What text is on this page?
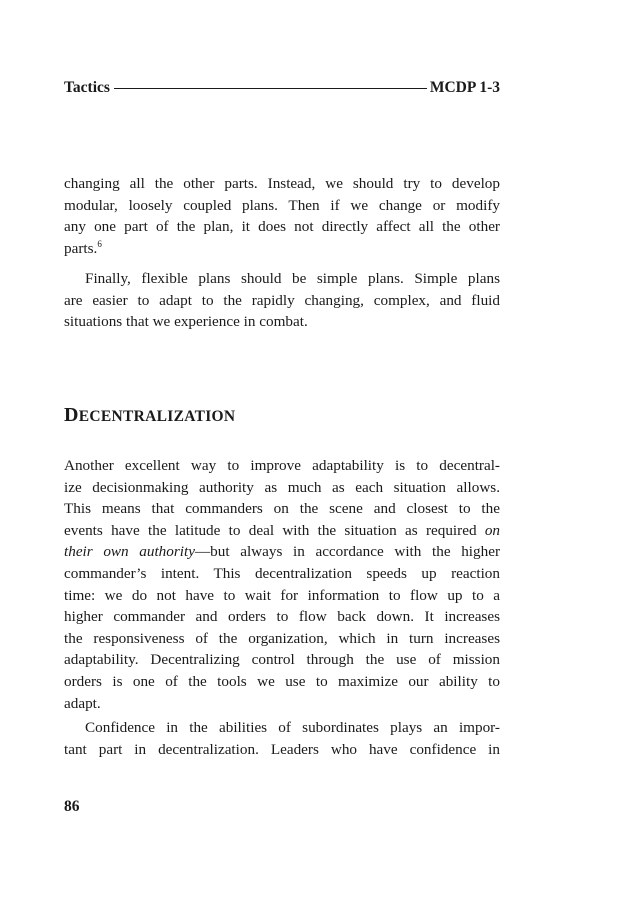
Tactics	MCDP 1-3

changing all the other parts. Instead, we should try to develop
modular, loosely coupled plans. Then if we change or modify
any one part of the plan, it does not directly affect all the other
parts.$^6$

Finally, flexible plans should be simple plans. Simple plans
are easier to adapt to the rapidly changing, complex, and fluid
situations that we experience in combat.

DECENTRALIZATION

Another excellent way to improve adaptability is to decentral-
ize decisionmaking authority as much as each situation allows.
This means that commanders on the scene and closest to the
events have the latitude to deal with the situation as required on
their own authority—but always in accordance with the higher
commander’s intent. This decentralization speeds up reaction
time: we do not have to wait for information to flow up to a
higher commander and orders to flow back down. It increases
the responsiveness of the organization, which in turn increases
adaptability. Decentralizing control through the use of mission
orders is one of the tools we use to maximize our ability to
adapt.

Confidence in the abilities of subordinates plays an impor-
tant part in decentralization. Leaders who have confidence in

86
